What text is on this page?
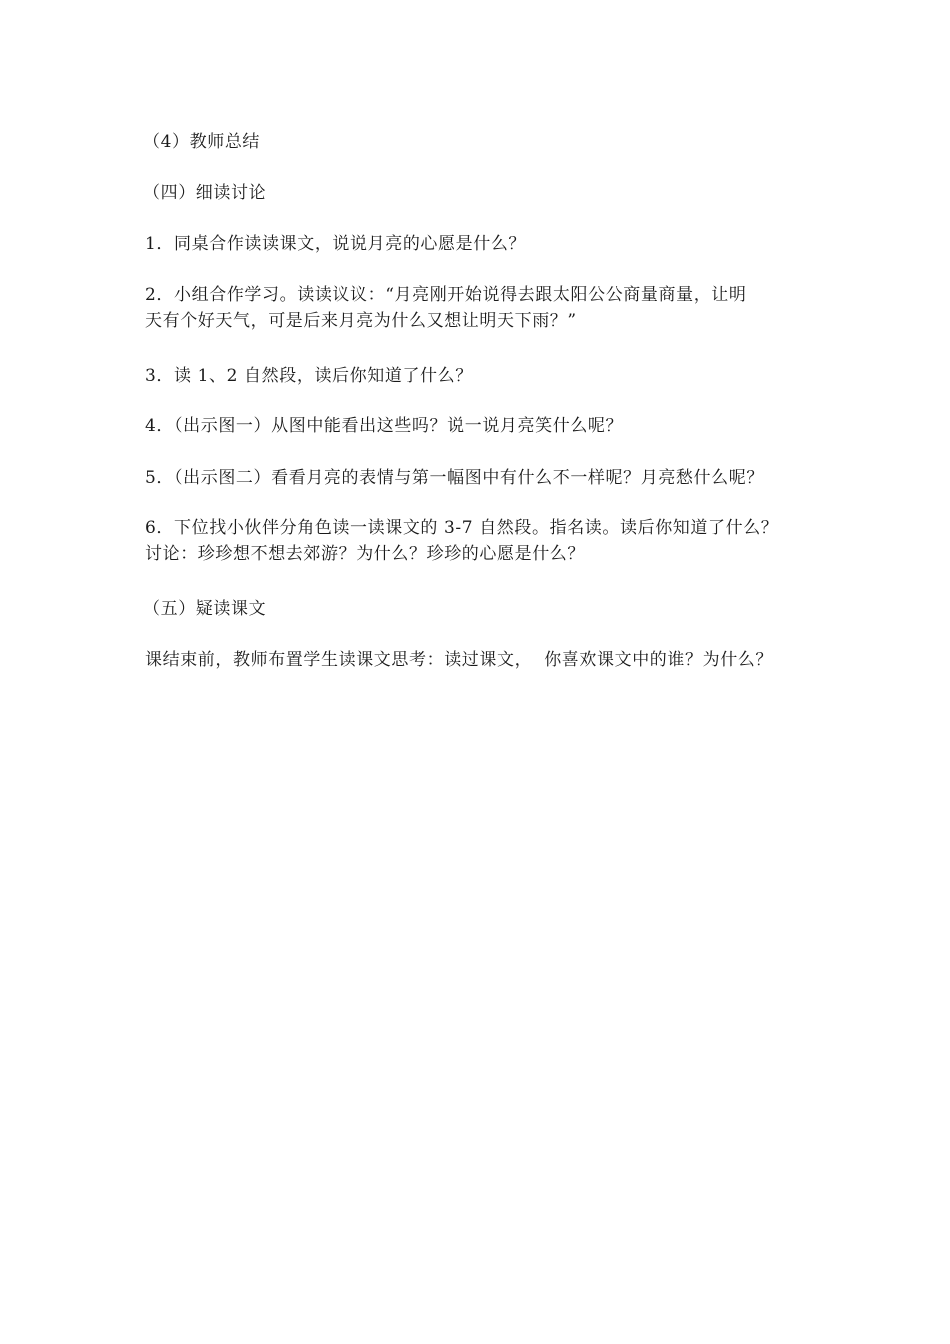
（4）教师总结
（四）细读讨论
1．同桌合作读读课文，说说月亮的心愿是什么？
2．小组合作学习。读读议议：“月亮刚开始说得去跟太阳公公商量商量，让明
天有个好天气，可是后来月亮为什么又想让明天下雨？”
3．读 1、2 自然段，读后你知道了什么？
4．（出示图一）从图中能看出这些吗？说一说月亮笑什么呢？
5．（出示图二）看看月亮的表情与第一幅图中有什么不一样呢？月亮愁什么呢？
6．下位找小伙伴分角色读一读课文的 3-7 自然段。指名读。读后你知道了什么？
讨论：珍珍想不想去郊游？为什么？珍珍的心愿是什么？
（五）疑读课文
课结束前，教师布置学生读课文思考：读过课文，  你喜欢课文中的谁？为什么？
